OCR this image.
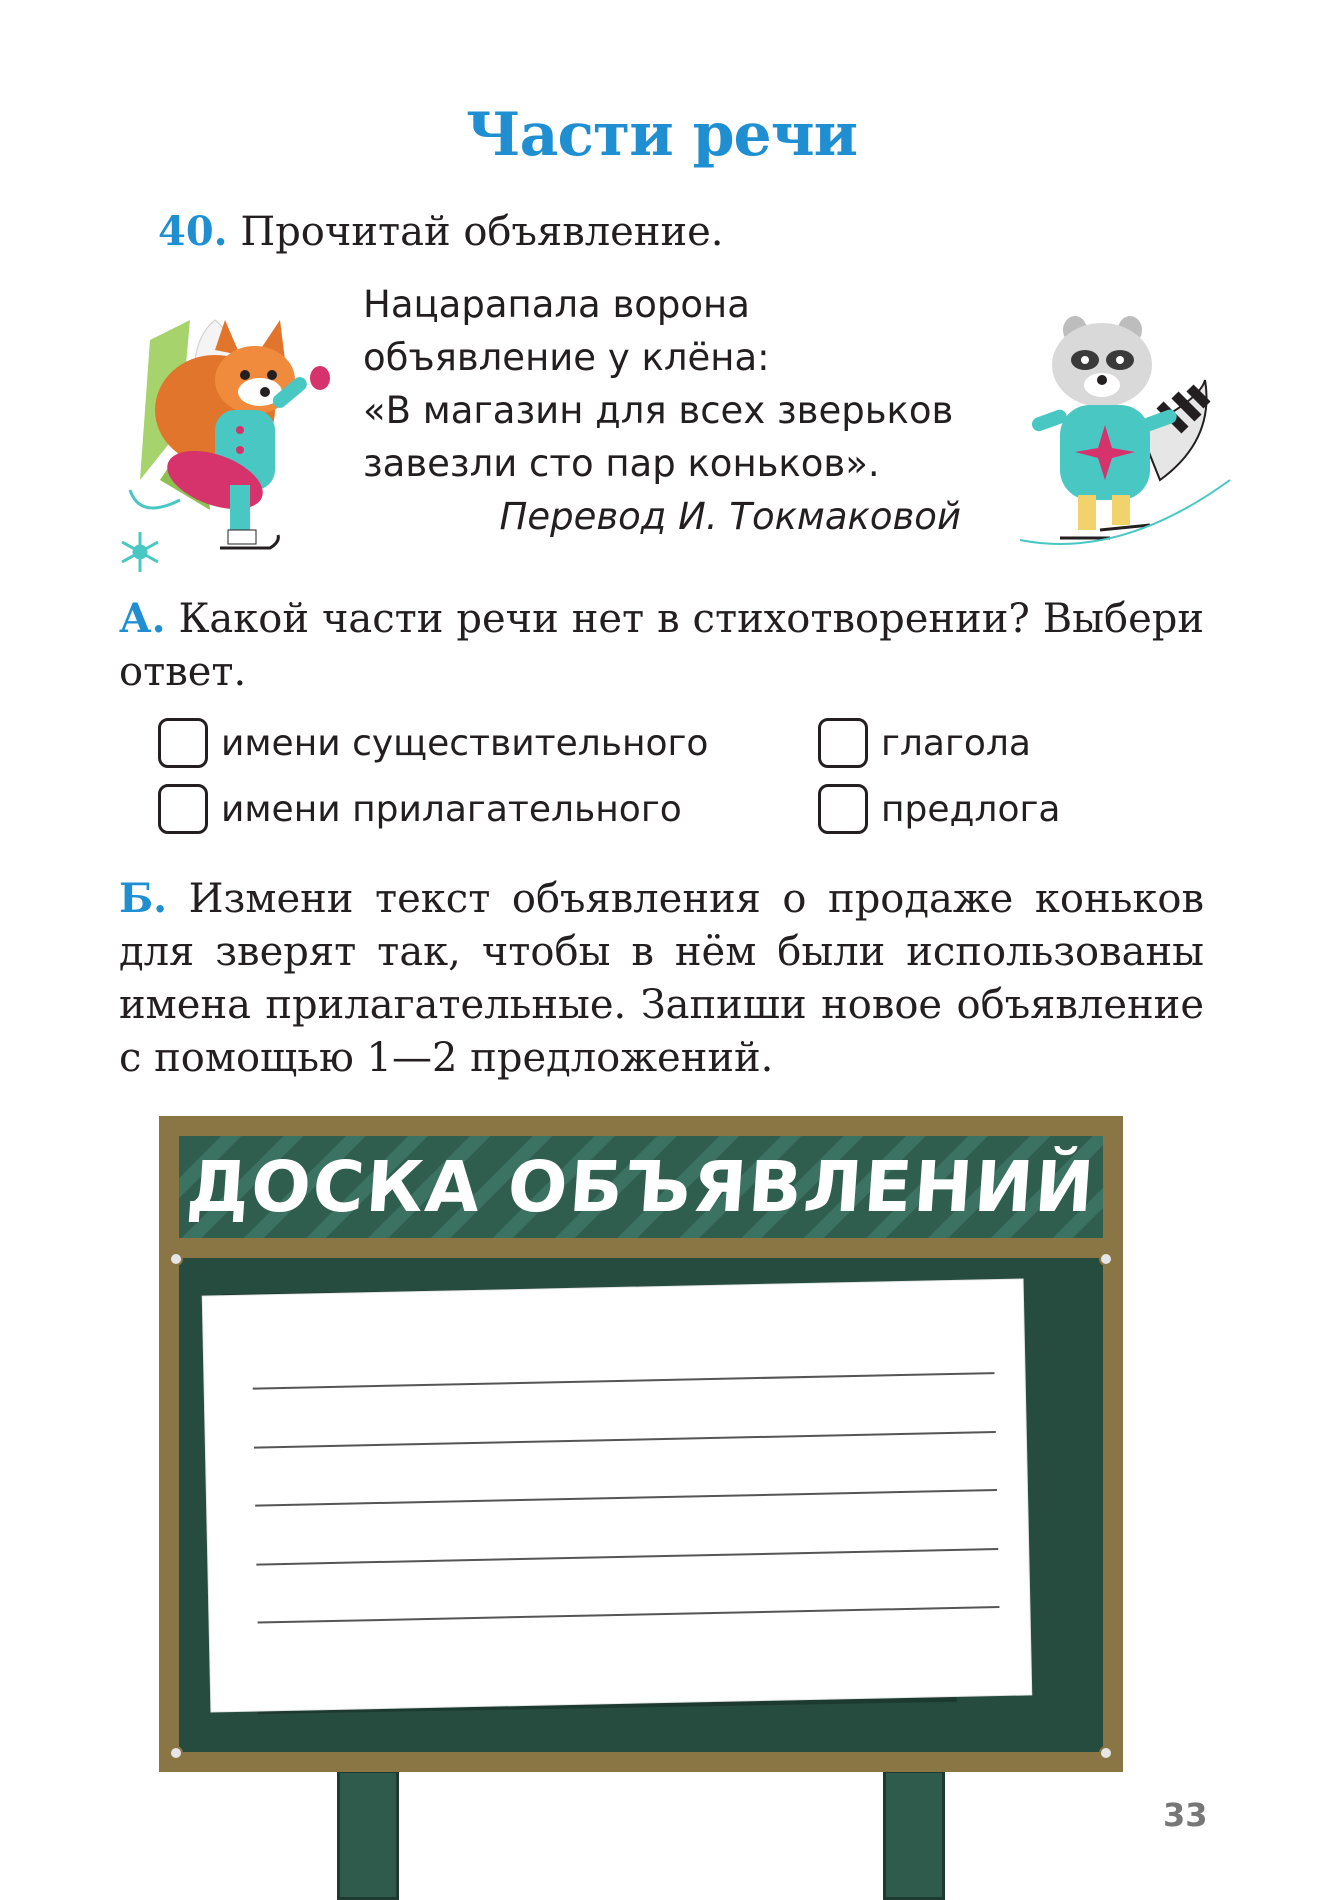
Части речи
40. Прочитай объявление.
Нацарапала ворона
объявление у клёна:
«В магазин для всех зверьков
завезли сто пар коньков».
Перевод И. Токмаковой
А. Какой части речи нет в стихотворении? Выбери ответ.
имени существительного	глагола
имени прилагательного	предлога
Б. Измени текст объявления о продаже коньков для зверят так, чтобы в нём были использованы имена прилагательные. Запиши новое объявление с помощью 1—2 предложений.
ДОСКА ОБЪЯВЛЕНИЙ
33
